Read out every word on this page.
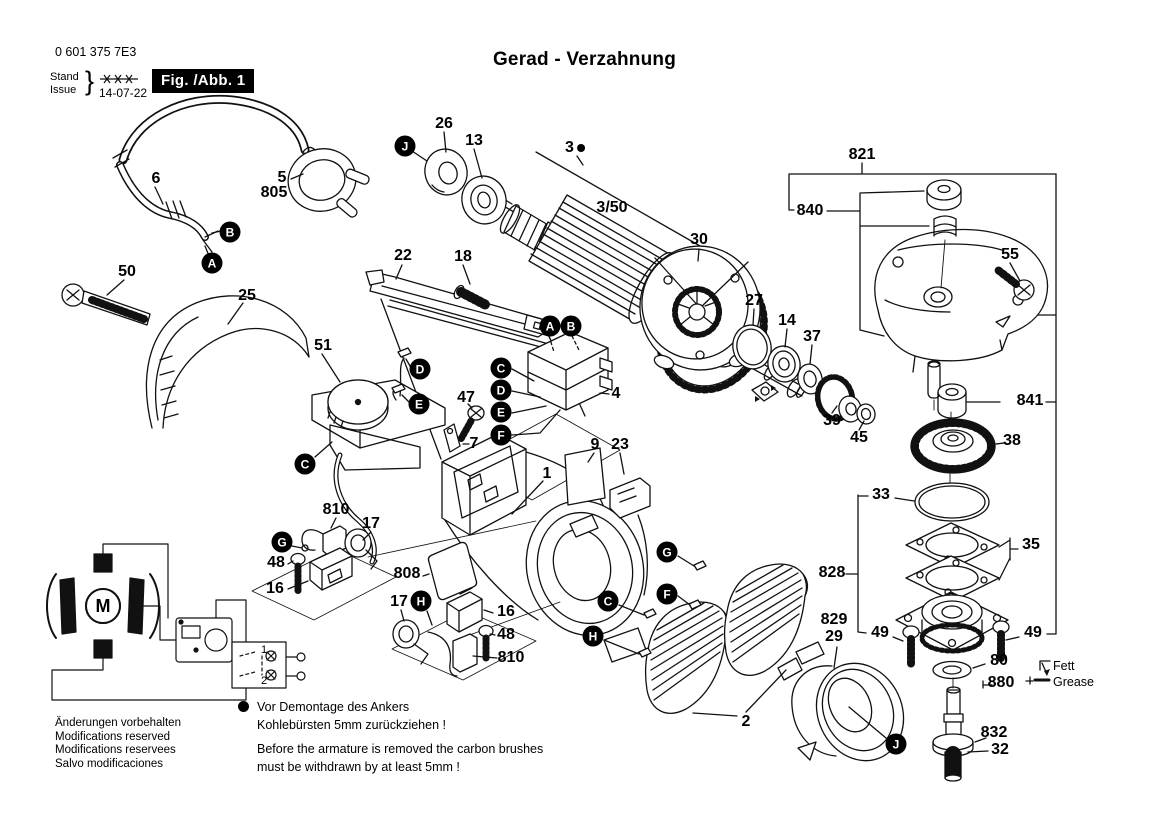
0 601 375 7E3
Stand
Issue } 14-07-22
Fig. /Abb. 1
Gerad - Verzahnung
Änderungen vorbehalten
Modifications reserved
Modifications reservees
Salvo modificaciones
Vor Demontage des Ankers
Kohlebürsten 5mm zurückziehen !
Before the armature is removed the carbon brushes
must be withdrawn by at least 5mm !
Fett
Grease
M
26
13	3
3/50
821
840
55
5
805
6
50
25
22	18
30
27
14
37
39
45
4
47
7
51
1
9 23
33
35
828
829
29 49	49
80
880
832
32
841
38
808
810
17
48
16
17
16
48
810
2
1
2
J
B
A
D
E
C
A	B
C
D
E
F
G
H
G
F
C
H
J
